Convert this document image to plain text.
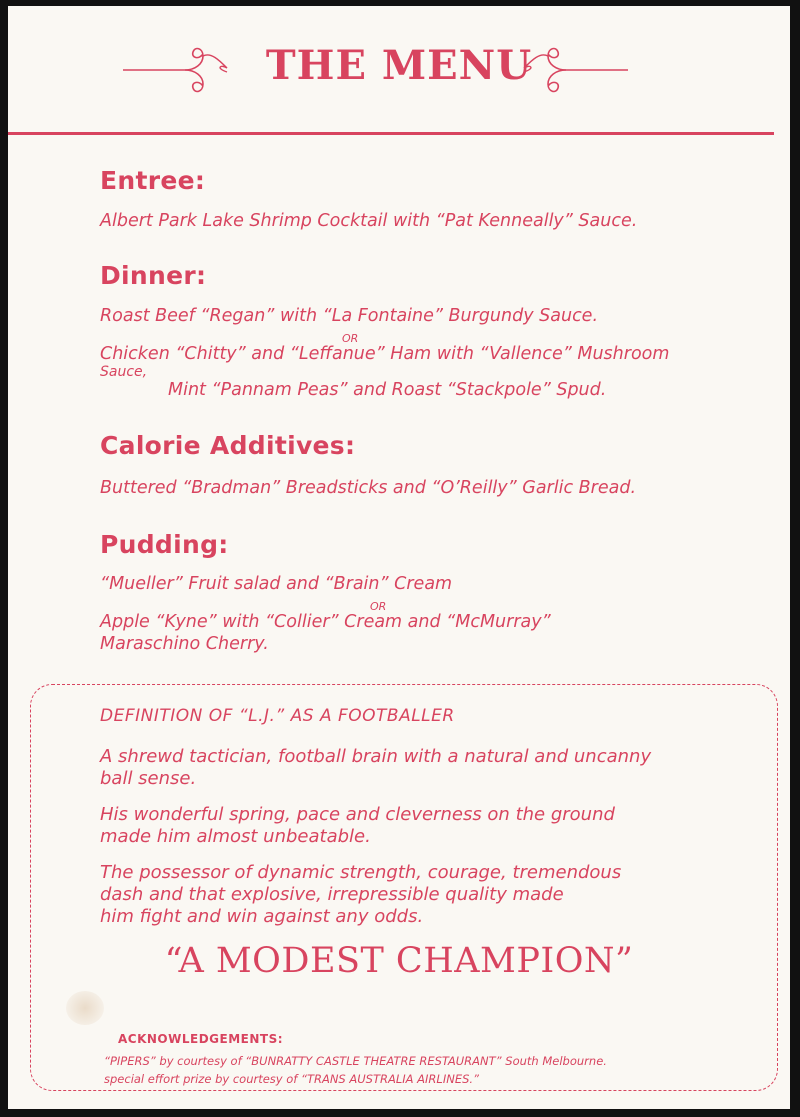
THE MENU
Entree:
Albert Park Lake Shrimp Cocktail with “Pat Kenneally” Sauce.
Dinner:
Roast Beef “Regan” with “La Fontaine” Burgundy Sauce.
OR
Chicken “Chitty” and “Leffanue” Ham with “Vallence” Mushroom
Sauce,
Mint “Pannam Peas” and Roast “Stackpole” Spud.
Calorie Additives:
Buttered “Bradman” Breadsticks and “O’Reilly” Garlic Bread.
Pudding:
“Mueller” Fruit salad and “Brain” Cream
OR
Apple “Kyne” with “Collier” Cream and “McMurray”
Maraschino Cherry.
DEFINITION OF “L.J.” AS A FOOTBALLER
A shrewd tactician, football brain with a natural and uncanny
ball sense.
His wonderful spring, pace and cleverness on the ground
made him almost unbeatable.
The possessor of dynamic strength, courage, tremendous
dash and that explosive, irrepressible quality made
him fight and win against any odds.
“A MODEST CHAMPION”
ACKNOWLEDGEMENTS:
“PIPERS” by courtesy of “BUNRATTY CASTLE THEATRE RESTAURANT” South Melbourne.
special effort prize by courtesy of “TRANS AUSTRALIA AIRLINES.”
